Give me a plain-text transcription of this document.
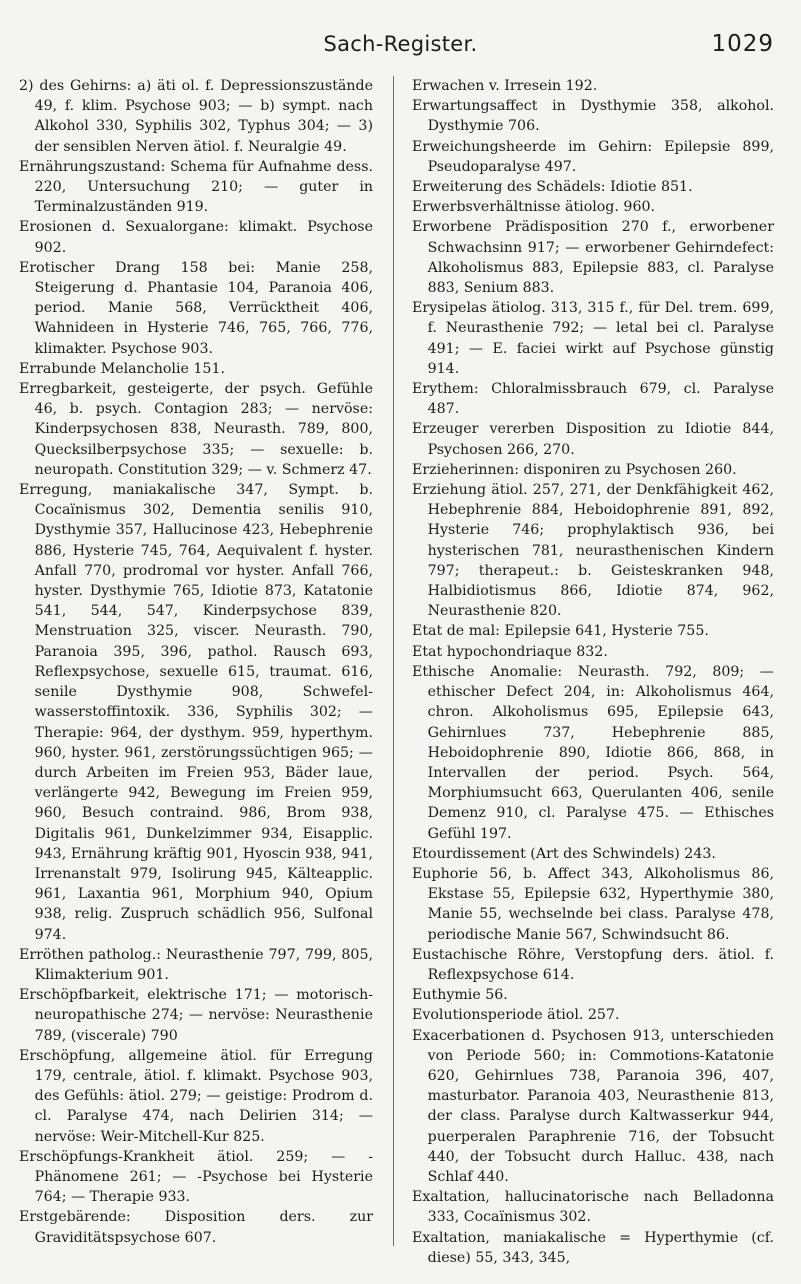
Sach-Register.	1029

2) des Gehirns: a) äti ol. f. Depressionszustände 49, f. klim. Psychose 903; — b) sympt. nach Alkohol 330, Syphilis 302, Typhus 304; — 3) der sensiblen Nerven ätiol. f. Neuralgie 49.

Ernährungszustand: Schema für Aufnahme dess. 220, Untersuchung 210; — guter in Terminalzuständen 919.

Erosionen d. Sexualorgane: klimakt. Psychose 902.

Erotischer Drang 158 bei: Manie 258, Steigerung d. Phantasie 104, Paranoia 406, period. Manie 568, Verrücktheit 406, Wahnideen in Hysterie 746, 765, 766, 776, klimakter. Psychose 903.

Errabunde Melancholie 151.

Erregbarkeit, gesteigerte, der psych. Gefühle 46, b. psych. Contagion 283; — nervöse: Kinderpsychosen 838, Neurasth. 789, 800, Quecksilberpsychose 335; — sexuelle: b. neuropath. Constitution 329; — v. Schmerz 47.

Erregung, maniakalische 347, Sympt. b. Cocaïnismus 302, Dementia senilis 910, Dysthymie 357, Hallucinose 423, Hebephrenie 886, Hysterie 745, 764, Aequivalent f. hyster. Anfall 770, prodromal vor hyster. Anfall 766, hyster. Dysthymie 765, Idiotie 873, Katatonie 541, 544, 547, Kinderpsychose 839, Menstruation 325, viscer. Neurasth. 790, Paranoia 395, 396, pathol. Rausch 693, Reflexpsychose, sexuelle 615, traumat. 616, senile Dysthymie 908, Schwefelwasserstoffintoxik. 336, Syphilis 302; — Therapie: 964, der dysthym. 959, hyperthym. 960, hyster. 961, zerstörungssüchtigen 965; — durch Arbeiten im Freien 953, Bäder laue, verlängerte 942, Bewegung im Freien 959, 960, Besuch contraind. 986, Brom 938, Digitalis 961, Dunkelzimmer 934, Eisapplic. 943, Ernährung kräftig 901, Hyoscin 938, 941, Irrenanstalt 979, Isolirung 945, Kälteapplic. 961, Laxantia 961, Morphium 940, Opium 938, relig. Zuspruch schädlich 956, Sulfonal 974.

Erröthen patholog.: Neurasthenie 797, 799, 805, Klimakterium 901.

Erschöpfbarkeit, elektrische 171; — motorisch-neuropathische 274; — nervöse: Neurasthenie 789, (viscerale) 790

Erschöpfung, allgemeine ätiol. für Erregung 179, centrale, ätiol. f. klimakt. Psychose 903, des Gefühls: ätiol. 279; — geistige: Prodrom d. cl. Paralyse 474, nach Delirien 314; — nervöse: Weir-Mitchell-Kur 825.

Erschöpfungs-Krankheit ätiol. 259; — -Phänomene 261; — -Psychose bei Hysterie 764; — Therapie 933.

Erstgebärende: Disposition ders. zur Graviditätspsychose 607.

Erwachen v. Irresein 192.

Erwartungsaffect in Dysthymie 358, alkohol. Dysthymie 706.

Erweichungsheerde im Gehirn: Epilepsie 899, Pseudoparalyse 497.

Erweiterung des Schädels: Idiotie 851.

Erwerbsverhältnisse ätiolog. 960.

Erworbene Prädisposition 270 f., erworbener Schwachsinn 917; — erworbener Gehirndefect: Alkoholismus 883, Epilepsie 883, cl. Paralyse 883, Senium 883.

Erysipelas ätiolog. 313, 315 f., für Del. trem. 699, f. Neurasthenie 792; — letal bei cl. Paralyse 491; — E. faciei wirkt auf Psychose günstig 914.

Erythem: Chloralmissbrauch 679, cl. Paralyse 487.

Erzeuger vererben Disposition zu Idiotie 844, Psychosen 266, 270.

Erzieherinnen: disponiren zu Psychosen 260.

Erziehung ätiol. 257, 271, der Denkfähigkeit 462, Hebephrenie 884, Heboidophrenie 891, 892, Hysterie 746; prophylaktisch 936, bei hysterischen 781, neurasthenischen Kindern 797; therapeut.: b. Geisteskranken 948, Halbidiotismus 866, Idiotie 874, 962, Neurasthenie 820.

Etat de mal: Epilepsie 641, Hysterie 755.

Etat hypochondriaque 832.

Ethische Anomalie: Neurasth. 792, 809; — ethischer Defect 204, in: Alkoholismus 464, chron. Alkoholismus 695, Epilepsie 643, Gehirnlues 737, Hebephrenie 885, Heboidophrenie 890, Idiotie 866, 868, in Intervallen der period. Psych. 564, Morphiumsucht 663, Querulanten 406, senile Demenz 910, cl. Paralyse 475. — Ethisches Gefühl 197.

Etourdissement (Art des Schwindels) 243.

Euphorie 56, b. Affect 343, Alkoholismus 86, Ekstase 55, Epilepsie 632, Hyperthymie 380, Manie 55, wechselnde bei class. Paralyse 478, periodische Manie 567, Schwindsucht 86.

Eustachische Röhre, Verstopfung ders. ätiol. f. Reflexpsychose 614.

Euthymie 56.

Evolutionsperiode ätiol. 257.

Exacerbationen d. Psychosen 913, unterschieden von Periode 560; in: Commotions-Katatonie 620, Gehirnlues 738, Paranoia 396, 407, masturbator. Paranoia 403, Neurasthenie 813, der class. Paralyse durch Kaltwasserkur 944, puerperalen Paraphrenie 716, der Tobsucht 440, der Tobsucht durch Halluc. 438, nach Schlaf 440.

Exaltation, hallucinatorische nach Belladonna 333, Cocaïnismus 302.

Exaltation, maniakalische = Hyperthymie (cf. diese) 55, 343, 345,
